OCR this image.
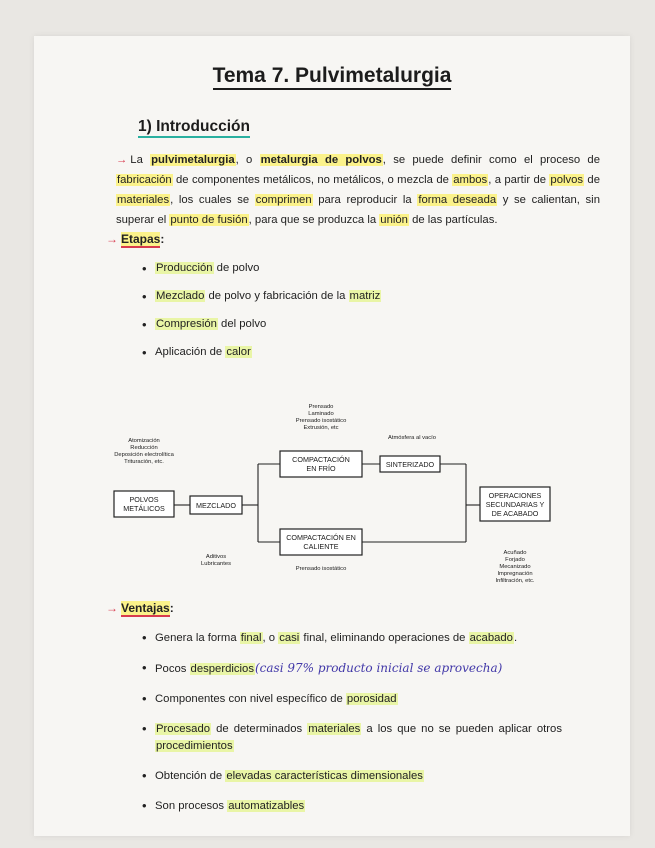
Tema 7. Pulvimetalurgia
1) Introducción
→ La pulvimetalurgia, o metalurgia de polvos, se puede definir como el proceso de fabricación de componentes metálicos, no metálicos, o mezcla de ambos, a partir de polvos de materiales, los cuales se comprimen para reproducir la forma deseada y se calientan, sin superar el punto de fusión, para que se produzca la unión de las partículas.
→ Etapas:
• Producción de polvo
• Mezclado de polvo y fabricación de la matriz
• Compresión del polvo
• Aplicación de calor
POLVOS
METÁLICOS	MEZCLADO
COMPACTACIÓN
EN FRÍO	SINTERIZADO
COMPACTACIÓN EN
CALIENTE
OPERACIONES
SECUNDARIAS Y
DE ACABADO
Atomización
Reducción
Deposición electrolítica
Trituración, etc.
Prensado
Laminado
Prensado isostático
Extrusión, etc
Atmósfera al vacío
Aditivos
Lubricantes
Prensado isostático
Acuñado
Forjado
Mecanizado
Impregnación
Infiltración, etc.
→ Ventajas:
• Genera la forma final, o casi final, eliminando operaciones de acabado.
• Pocos desperdicios(casi 97% producto inicial se aprovecha)
• Componentes con nivel específico de porosidad
• Procesado de determinados materiales a los que no se pueden aplicar otros procedimientos
• Obtención de elevadas características dimensionales
• Son procesos automatizables
